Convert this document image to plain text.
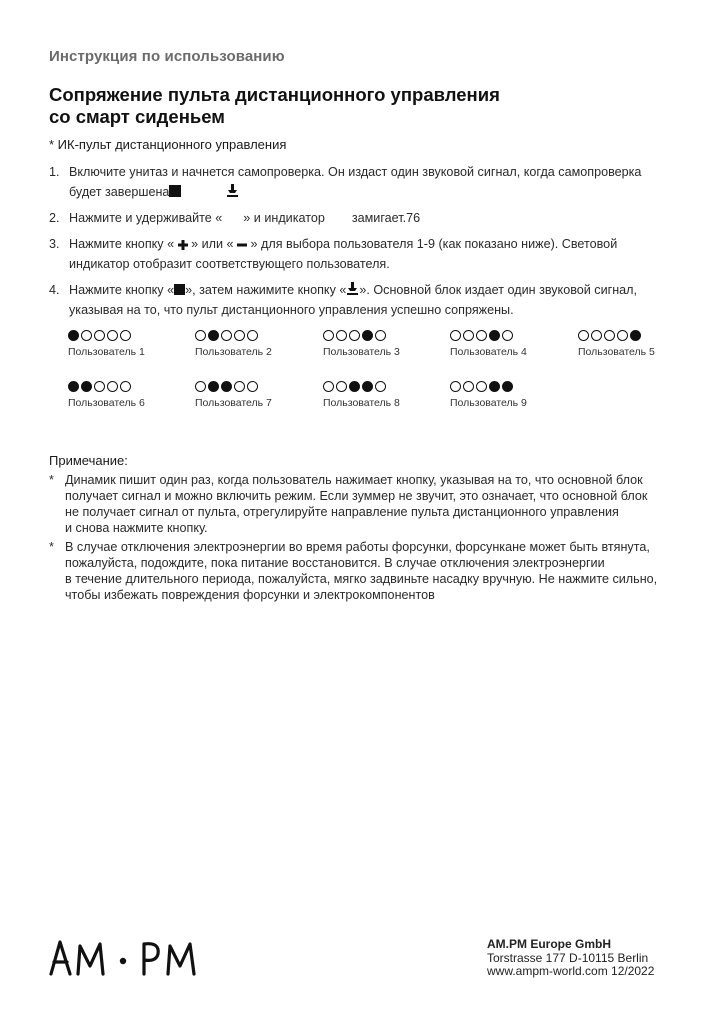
Инструкция по использованию
Сопряжение пульта дистанционного управления
со смарт сиденьем
* ИК-пульт дистанционного управления
1. Включите унитаз и начнется самопроверка. Он издаст один звуковой сигнал, когда самопроверка
будет завершена
2. Нажмите и удерживайте « » и индикатор замигает.76
3. Нажмите кнопку « » или « » для выбора пользователя 1-9 (как показано ниже). Световой
индикатор отобразит соответствующего пользователя.
4. Нажмите кнопку « », затем нажимите кнопку « ». Основной блок издает один звуковой сигнал,
указывая на то, что пульт дистанционного управления успешно сопряжены.
Пользователь 1	Пользователь 2	Пользователь 3	Пользователь 4	Пользователь 5
Пользователь 6	Пользователь 7	Пользователь 8	Пользователь 9
Примечание:
* Динамик пишит один раз, когда пользователь нажимает кнопку, указывая на то, что основной блок
получает сигнал и можно включить режим. Если зуммер не звучит, это означает, что основной блок
не получает сигнал от пульта, отрегулируйте направление пульта дистанционного управления
и снова нажмите кнопку.
* В случае отключения электроэнергии во время работы форсунки, форсункане может быть втянута,
пожалуйста, подождите, пока питание восстановится. В случае отключения электроэнергии
в течение длительного периода, пожалуйста, мягко задвиньте насадку вручную. Не нажмите сильно,
чтобы избежать повреждения форсунки и электрокомпонентов
AM.PM Europe GmbH
Torstrasse 177 D-10115 Berlin
www.ampm-world.com 12/2022
